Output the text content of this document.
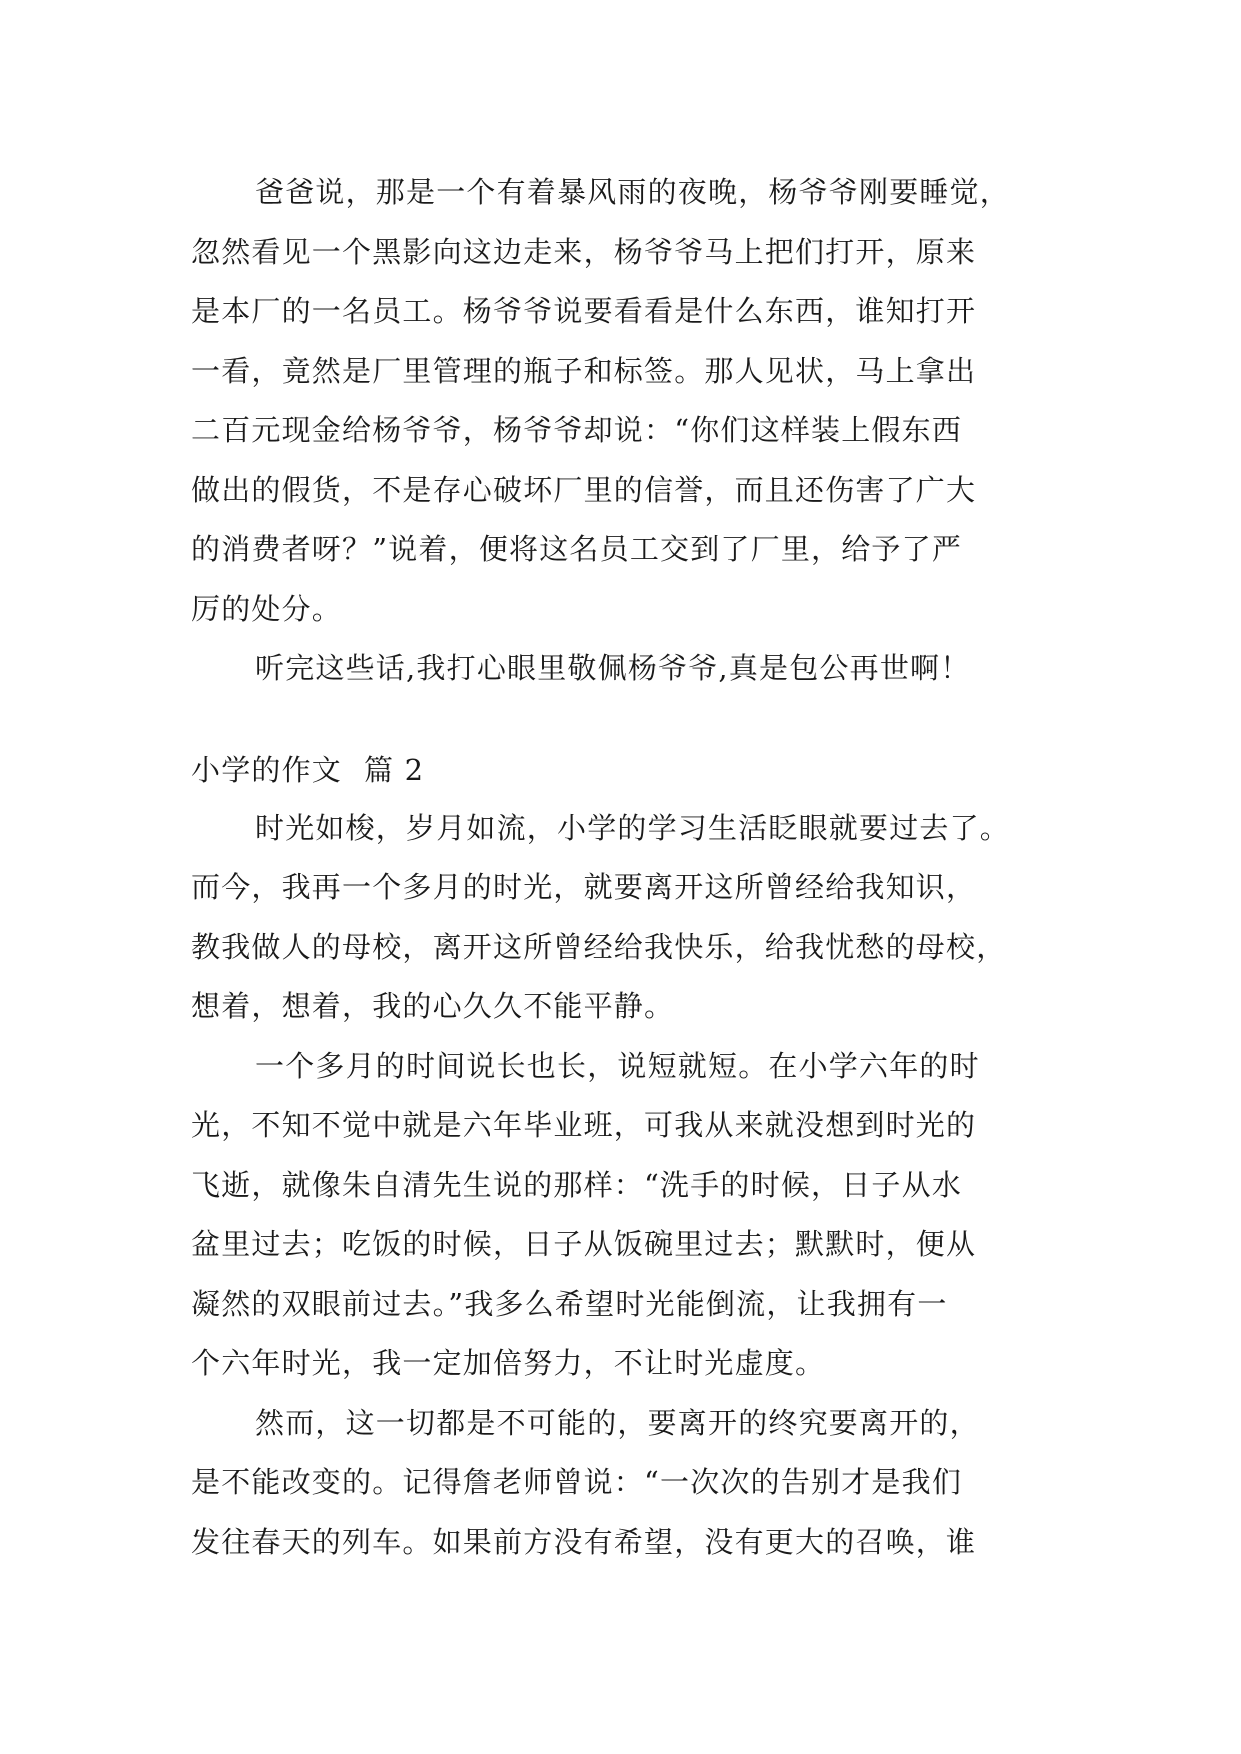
爸爸说，那是一个有着暴风雨的夜晚，杨爷爷刚要睡觉，
忽然看见一个黑影向这边走来，杨爷爷马上把们打开，原来
是本厂的一名员工。杨爷爷说要看看是什么东西，谁知打开
一看，竟然是厂里管理的瓶子和标签。那人见状，马上拿出
二百元现金给杨爷爷，杨爷爷却说：“你们这样装上假东西
做出的假货，不是存心破坏厂里的信誉，而且还伤害了广大
的消费者呀？”说着，便将这名员工交到了厂里，给予了严
厉的处分。
听完这些话,我打心眼里敬佩杨爷爷,真是包公再世啊！
小学的作文 篇 2
时光如梭，岁月如流，小学的学习生活眨眼就要过去了。
而今，我再一个多月的时光，就要离开这所曾经给我知识，
教我做人的母校，离开这所曾经给我快乐，给我忧愁的母校，
想着，想着，我的心久久不能平静。
一个多月的时间说长也长，说短就短。在小学六年的时
光，不知不觉中就是六年毕业班，可我从来就没想到时光的
飞逝，就像朱自清先生说的那样：“洗手的时候，日子从水
盆里过去；吃饭的时候，日子从饭碗里过去；默默时，便从
凝然的双眼前过去。”我多么希望时光能倒流，让我拥有一
个六年时光，我一定加倍努力，不让时光虚度。
然而，这一切都是不可能的，要离开的终究要离开的，
是不能改变的。记得詹老师曾说：“一次次的告别才是我们
发往春天的列车。如果前方没有希望，没有更大的召唤，谁
